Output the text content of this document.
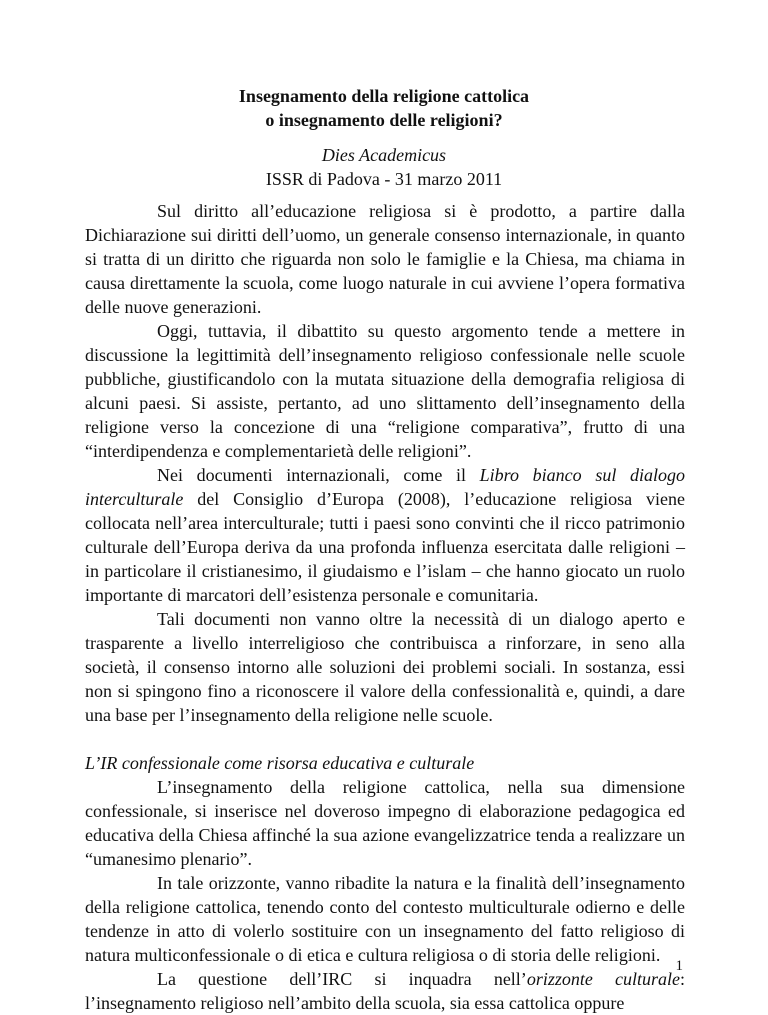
Insegnamento della religione cattolica
o insegnamento delle religioni?
Dies Academicus
ISSR di Padova - 31 marzo 2011

Sul diritto all’educazione religiosa si è prodotto, a partire dalla Dichiarazione sui diritti dell’uomo, un generale consenso internazionale, in quanto si tratta di un diritto che riguarda non solo le famiglie e la Chiesa, ma chiama in causa direttamente la scuola, come luogo naturale in cui avviene l’opera formativa delle nuove generazioni.

Oggi, tuttavia, il dibattito su questo argomento tende a mettere in discussione la legittimità dell’insegnamento religioso confessionale nelle scuole pubbliche, giustificandolo con la mutata situazione della demografia religiosa di alcuni paesi. Si assiste, pertanto, ad uno slittamento dell’insegnamento della religione verso la concezione di una “religione comparativa”, frutto di una “interdipendenza e complementarietà delle religioni”.

Nei documenti internazionali, come il Libro bianco sul dialogo interculturale del Consiglio d’Europa (2008), l’educazione religiosa viene collocata nell’area interculturale; tutti i paesi sono convinti che il ricco patrimonio culturale dell’Europa deriva da una profonda influenza esercitata dalle religioni – in particolare il cristianesimo, il giudaismo e l’islam – che hanno giocato un ruolo importante di marcatori dell’esistenza personale e comunitaria.

Tali documenti non vanno oltre la necessità di un dialogo aperto e trasparente a livello interreligioso che contribuisca a rinforzare, in seno alla società, il consenso intorno alle soluzioni dei problemi sociali. In sostanza, essi non si spingono fino a riconoscere il valore della confessionalità e, quindi, a dare una base per l’insegnamento della religione nelle scuole.

L’IR confessionale come risorsa educativa e culturale

L’insegnamento della religione cattolica, nella sua dimensione confessionale, si inserisce nel doveroso impegno di elaborazione pedagogica ed educativa della Chiesa affinché la sua azione evangelizzatrice tenda a realizzare un “umanesimo plenario”.

In tale orizzonte, vanno ribadite la natura e la finalità dell’insegnamento della religione cattolica, tenendo conto del contesto multiculturale odierno e delle tendenze in atto di volerlo sostituire con un insegnamento del fatto religioso di natura multiconfessionale o di etica e cultura religiosa o di storia delle religioni.

La questione dell’IRC si inquadra nell’orizzonte culturale: l’insegnamento religioso nell’ambito della scuola, sia essa cattolica oppure

1
